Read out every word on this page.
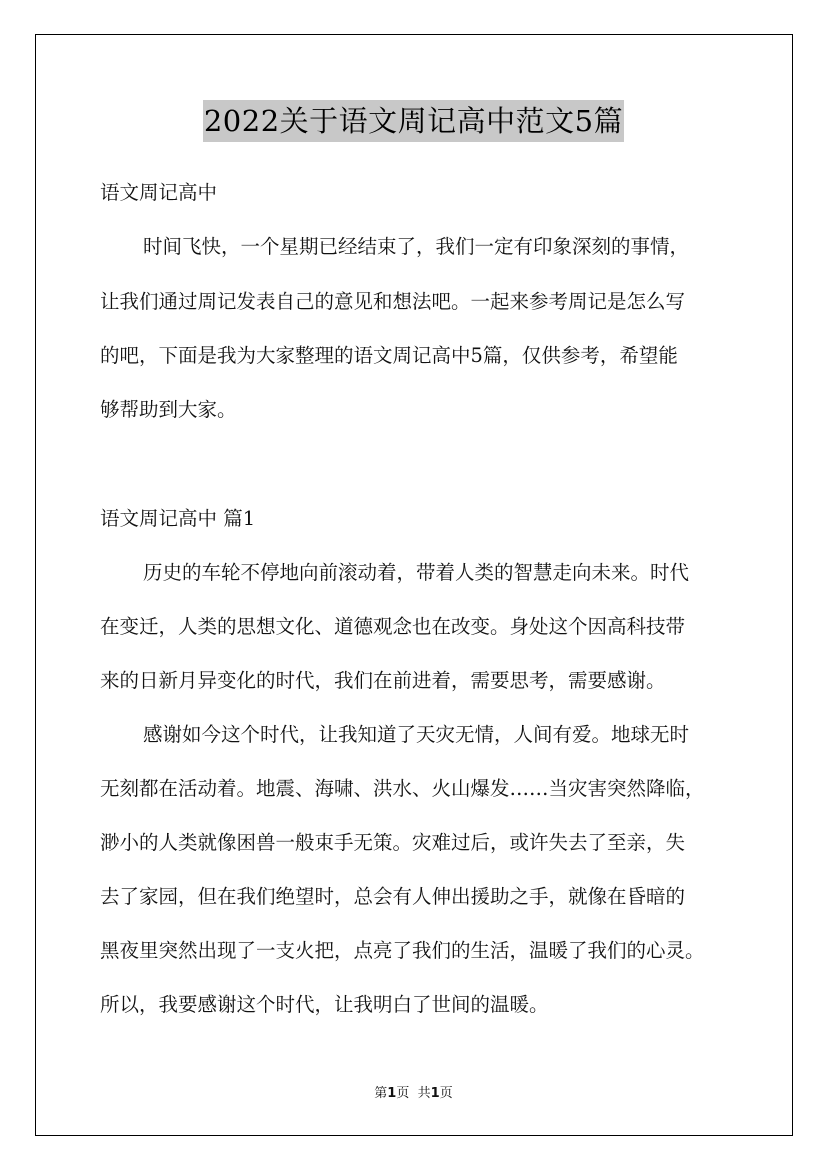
2022关于语文周记高中范文5篇
语文周记高中
时间飞快，一个星期已经结束了，我们一定有印象深刻的事情，
让我们通过周记发表自己的意见和想法吧。一起来参考周记是怎么写
的吧，下面是我为大家整理的语文周记高中5篇，仅供参考，希望能
够帮助到大家。
语文周记高中 篇1
历史的车轮不停地向前滚动着，带着人类的智慧走向未来。时代
在变迁，人类的思想文化、道德观念也在改变。身处这个因高科技带
来的日新月异变化的时代，我们在前进着，需要思考，需要感谢。
感谢如今这个时代，让我知道了天灾无情，人间有爱。地球无时
无刻都在活动着。地震、海啸、洪水、火山爆发……当灾害突然降临，
渺小的人类就像困兽一般束手无策。灾难过后，或许失去了至亲，失
去了家园，但在我们绝望时，总会有人伸出援助之手，就像在昏暗的
黑夜里突然出现了一支火把，点亮了我们的生活，温暖了我们的心灵。
所以，我要感谢这个时代，让我明白了世间的温暖。
第1页 共1页
